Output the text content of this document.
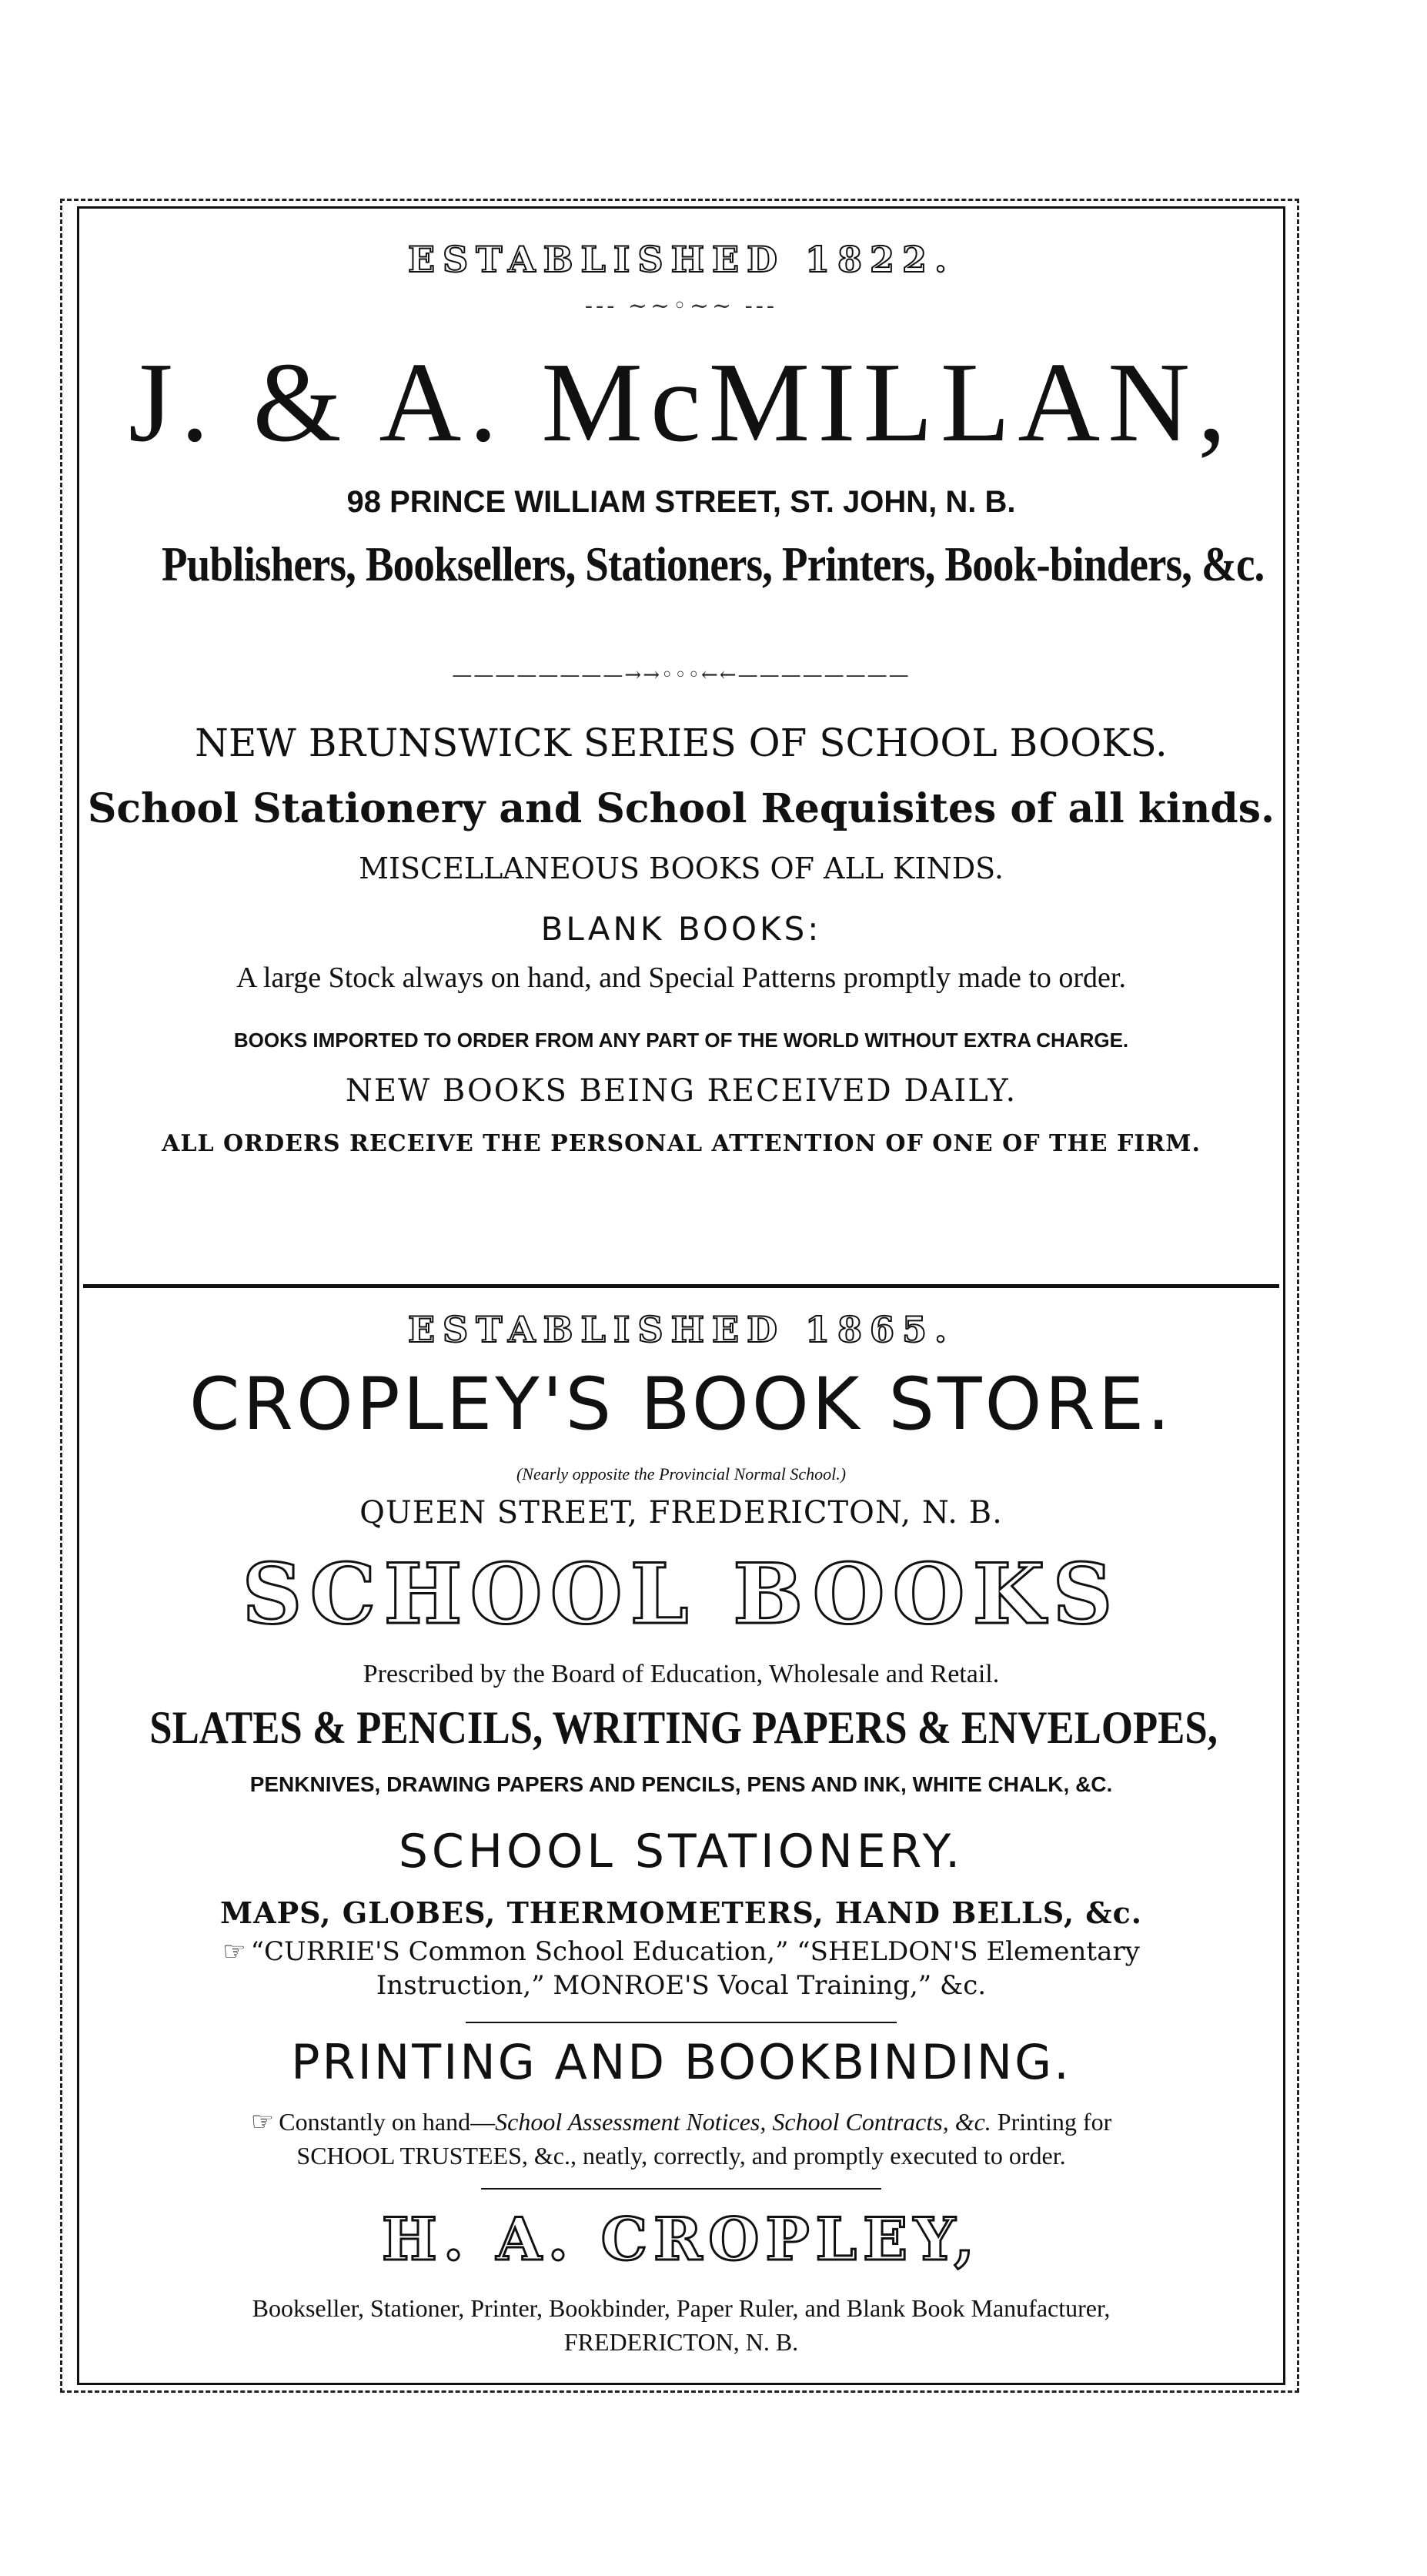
ESTABLISHED 1822.
--- ~~◦~~ ---
J. & A. McMILLAN,
98 PRINCE WILLIAM STREET, ST. JOHN, N. B.
Publishers, Booksellers, Stationers, Printers, Book-binders, &c.
————————→→◦◦◦←←————————
NEW BRUNSWICK SERIES OF SCHOOL BOOKS.
School Stationery and School Requisites of all kinds.
MISCELLANEOUS BOOKS OF ALL KINDS.
BLANK BOOKS:
A large Stock always on hand, and Special Patterns promptly made to order.
BOOKS IMPORTED TO ORDER FROM ANY PART OF THE WORLD WITHOUT EXTRA CHARGE.
NEW BOOKS BEING RECEIVED DAILY.
ALL ORDERS RECEIVE THE PERSONAL ATTENTION OF ONE OF THE FIRM.
ESTABLISHED 1865.
CROPLEY'S BOOK STORE.
(Nearly opposite the Provincial Normal School.)
QUEEN STREET, FREDERICTON, N. B.
SCHOOL BOOKS
Prescribed by the Board of Education, Wholesale and Retail.
SLATES & PENCILS, WRITING PAPERS & ENVELOPES,
PENKNIVES, DRAWING PAPERS AND PENCILS, PENS AND INK, WHITE CHALK, &C.
SCHOOL STATIONERY.
MAPS, GLOBES, THERMOMETERS, HAND BELLS, &c.
☞ “CURRIE'S Common School Education,” “SHELDON'S Elementary
Instruction,” MONROE'S Vocal Training,” &c.
PRINTING AND BOOKBINDING.
☞ Constantly on hand—School Assessment Notices, School Contracts, &c. Printing for
SCHOOL TRUSTEES, &c., neatly, correctly, and promptly executed to order.
H. A. CROPLEY,
Bookseller, Stationer, Printer, Bookbinder, Paper Ruler, and Blank Book Manufacturer,
FREDERICTON, N. B.
